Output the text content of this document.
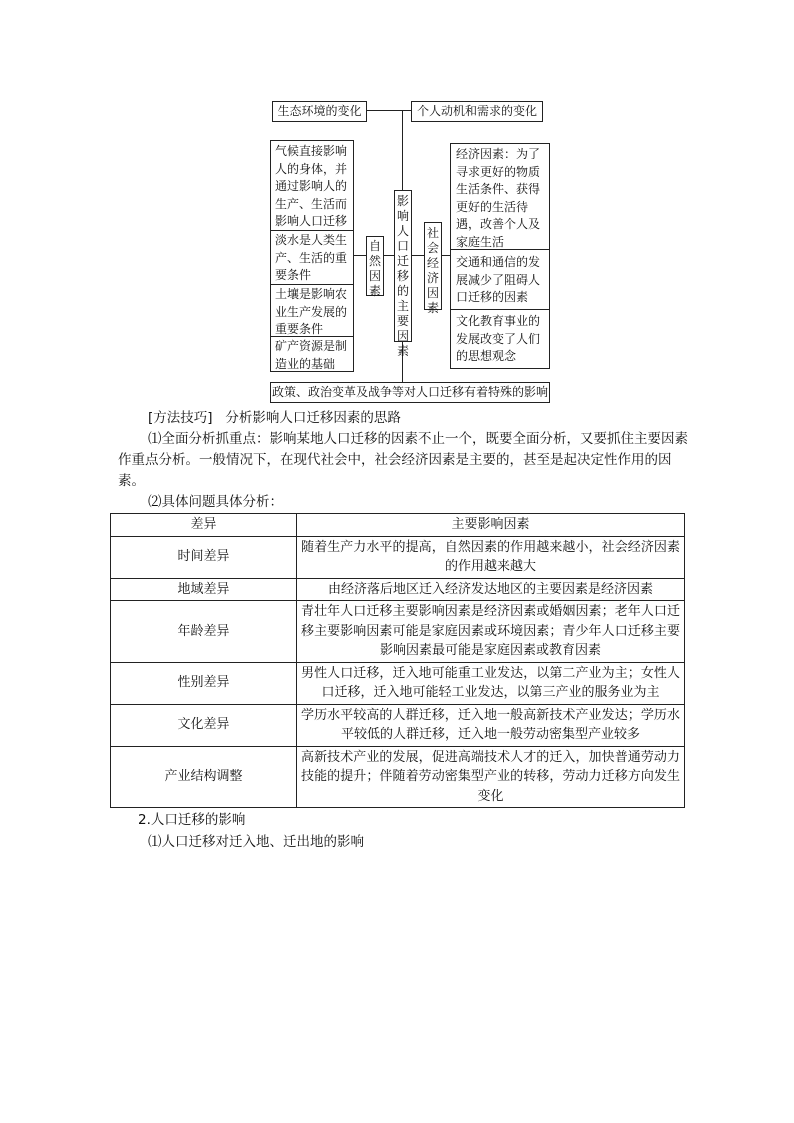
生态环境的变化	个人动机和需求的变化
气候直接影响人的身体，并通过影响人的生产、生活而影响人口迁移
淡水是人类生产、生活的重要条件
土壤是影响农业生产发展的重要条件
矿产资源是制造业的基础
自然因素
影响人口迁移的主要因素
社会经济因素
经济因素：为了寻求更好的物质生活条件、获得更好的生活待遇，改善个人及家庭生活
交通和通信的发展减少了阻碍人口迁移的因素
文化教育事业的发展改变了人们的思想观念
政策、政治变革及战争等对人口迁移有着特殊的影响
[方法技巧] 分析影响人口迁移因素的思路
⑴全面分析抓重点：影响某地人口迁移的因素不止一个，既要全面分析，又要抓住主要因素作重点分析。一般情况下，在现代社会中，社会经济因素是主要的，甚至是起决定性作用的因素。
⑵具体问题具体分析：
差异	主要影响因素
时间差异	随着生产力水平的提高，自然因素的作用越来越小，社会经济因素的作用越来越大
地域差异	由经济落后地区迁入经济发达地区的主要因素是经济因素
年龄差异	青壮年人口迁移主要影响因素是经济因素或婚姻因素；老年人口迁移主要影响因素可能是家庭因素或环境因素；青少年人口迁移主要影响因素最可能是家庭因素或教育因素
性别差异	男性人口迁移，迁入地可能重工业发达，以第二产业为主；女性人口迁移，迁入地可能轻工业发达，以第三产业的服务业为主
文化差异	学历水平较高的人群迁移，迁入地一般高新技术产业发达；学历水平较低的人群迁移，迁入地一般劳动密集型产业较多
产业结构调整	高新技术产业的发展，促进高端技术人才的迁入，加快普通劳动力技能的提升；伴随着劳动密集型产业的转移，劳动力迁移方向发生变化
2.人口迁移的影响
⑴人口迁移对迁入地、迁出地的影响
